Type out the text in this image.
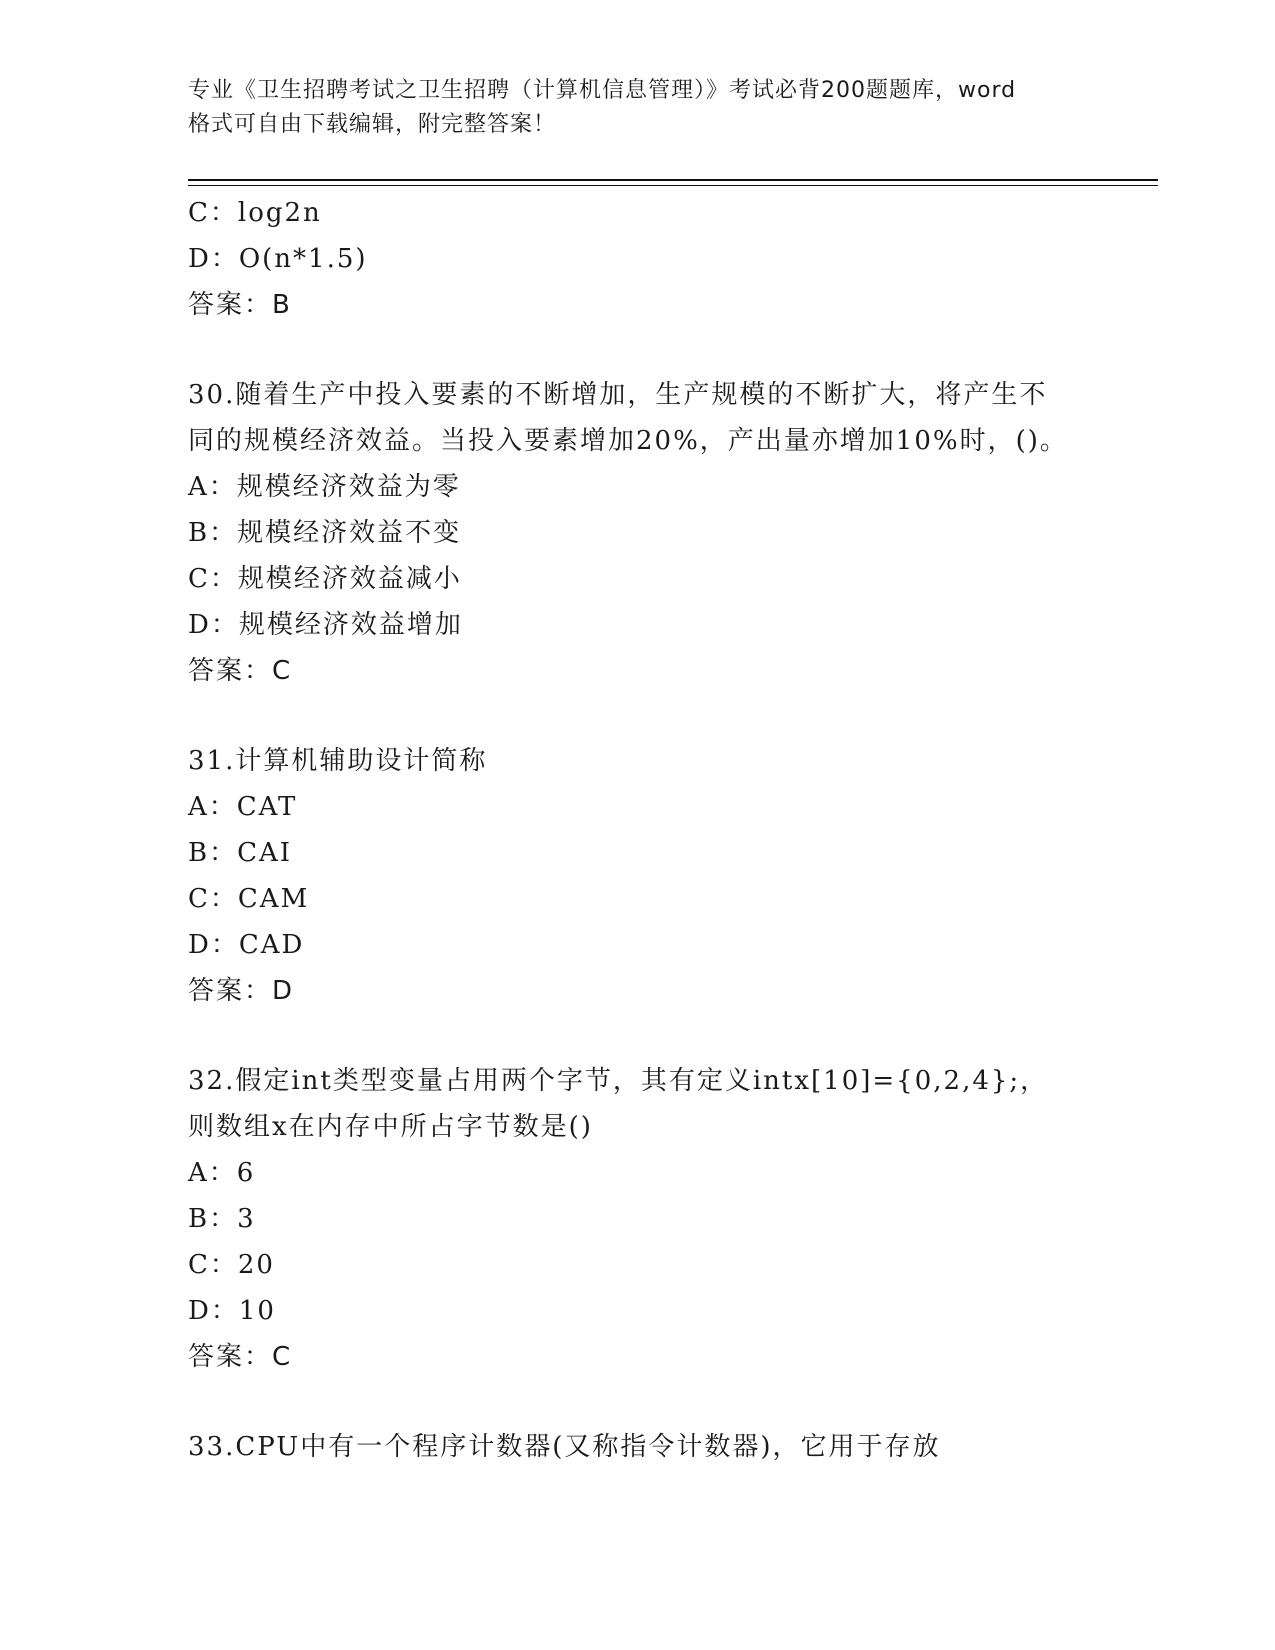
专业《卫生招聘考试之卫生招聘（计算机信息管理）》考试必背200题题库，word
格式可自由下载编辑，附完整答案！
C：log2n
D：O(n*1.5)
答案：B
30.随着生产中投入要素的不断增加，生产规模的不断扩大，将产生不
同的规模经济效益。当投入要素增加20%，产出量亦增加10%时，()。
A：规模经济效益为零
B：规模经济效益不变
C：规模经济效益减小
D：规模经济效益增加
答案：C
31.计算机辅助设计简称
A：CAT
B：CAI
C：CAM
D：CAD
答案：D
32.假定int类型变量占用两个字节，其有定义intx[10]={0,2,4};，
则数组x在内存中所占字节数是()
A：6
B：3
C：20
D：10
答案：C
33.CPU中有一个程序计数器(又称指令计数器)，它用于存放
